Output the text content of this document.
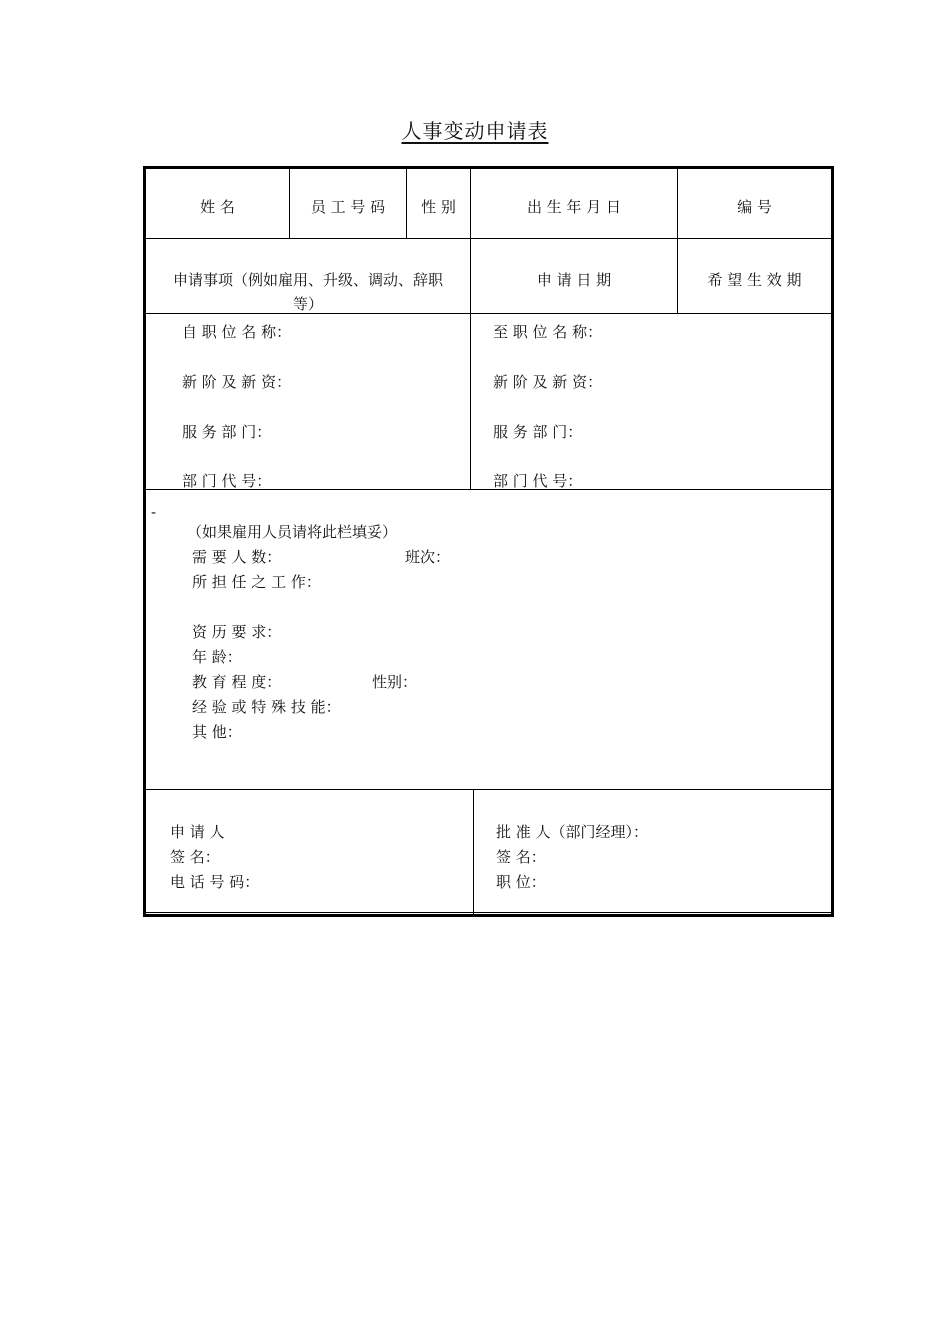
人事变动申请表
姓 名	员 工 号 码	性 别	出 生 年 月 日	编 号
申请事项（例如雇用、升级、调动、辞职
等）
申 请 日 期	希 望 生 效 期
自 职 位 名 称：
新 阶 及 新 资：
服 务 部 门：
部 门 代 号：
至 职 位 名 称：
新 阶 及 新 资：
服 务 部 门：
部 门 代 号：
-
（如果雇用人员请将此栏填妥）
需 要 人 数：	班次：
所 担 任 之 工 作：
资 历 要 求：
年 龄：
教 育 程 度：	性别：
经 验 或 特 殊 技 能：
其 他：
申 请 人
签 名：
电 话 号 码：
批 准 人（部门经理）：
签 名：
职 位：
